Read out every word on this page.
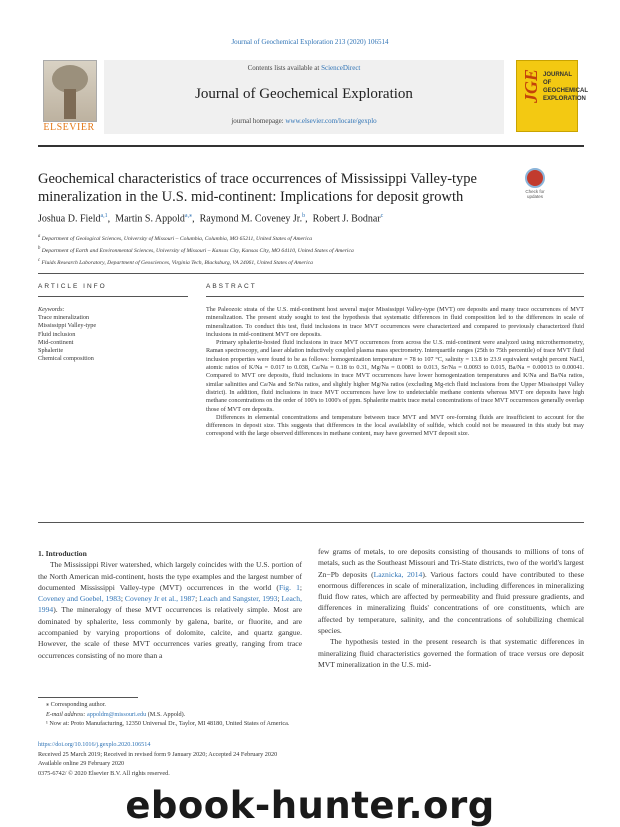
Journal of Geochemical Exploration 213 (2020) 106514
ELSEVIER
Contents lists available at ScienceDirect
Journal of Geochemical Exploration
journal homepage: www.elsevier.com/locate/gexplo
JGE JOURNAL OF GEOCHEMICAL EXPLORATION
Geochemical characteristics of trace occurrences of Mississippi Valley-type mineralization in the U.S. mid-continent: Implications for deposit growth	Check for updates
Joshua D. Field$^{a,1}$,  Martin S. Appold$^{a,⁎}$,  Raymond M. Coveney Jr.$^b$,  Robert J. Bodnar$^c$
$^a$ Department of Geological Sciences, University of Missouri – Columbia, Columbia, MO 65211, United States of America
$^b$ Department of Earth and Environmental Sciences, University of Missouri – Kansas City, Kansas City, MO 64110, United States of America
$^c$ Fluids Research Laboratory, Department of Geosciences, Virginia Tech, Blacksburg, VA 24061, United States of America
ARTICLE INFO	ABSTRACT
Keywords:
Trace mineralization
Mississippi Valley-type
Fluid inclusion
Mid-continent
Sphalerite
Chemical composition

The Paleozoic strata of the U.S. mid-continent host several major Mississippi Valley-type (MVT) ore deposits and many trace occurrences of MVT mineralization. The present study sought to test the hypothesis that systematic differences in fluid composition led to the differences in scale of mineralization. To conduct this test, fluid inclusions in trace MVT occurrences were characterized and compared to previously characterized fluid inclusions in mid-continent MVT ore deposits.

Primary sphalerite-hosted fluid inclusions in trace MVT occurrences from across the U.S. mid-continent were analyzed using microthermometry, Raman spectroscopy, and laser ablation inductively coupled plasma mass spectrometry. Interquartile ranges (25th to 75th percentile) of trace MVT fluid inclusion properties were found to be as follows: homogenization temperature = 78 to 107 °C, salinity = 13.8 to 23.9 equivalent weight percent NaCl, atomic ratios of K/Na = 0.017 to 0.038, Ca/Na = 0.18 to 0.31, Mg/Na = 0.0081 to 0.013, Sr/Na = 0.0093 to 0.015, Ba/Na = 0.00013 to 0.00041. Compared to MVT ore deposits, fluid inclusions in trace MVT occurrences have lower homogenization temperatures and K/Na and Ba/Na ratios, similar salinities and Ca/Na and Sr/Na ratios, and slightly higher Mg/Na ratios (excluding Mg-rich fluid inclusions from the Upper Mississippi Valley district). In addition, fluid inclusions in trace MVT occurrences have low to undetectable methane contents whereas MVT ore deposits have high methane concentrations on the order of 100's to 1000's of ppm. Sphalerite matrix trace metal concentrations of trace MVT occurrences generally overlap those of MVT ore deposits.

Differences in elemental concentrations and temperature between trace MVT and MVT ore-forming fluids are insufficient to account for the differences in deposit size. This suggests that differences in the local availability of sulfide, which could not be measured in this study but may correspond with the large observed differences in methane content, may have governed MVT deposit size.

1. Introduction

The Mississippi River watershed, which largely coincides with the U.S. portion of the North American mid-continent, hosts the type examples and the largest number of documented Mississippi Valley-type (MVT) occurrences in the world (Fig. 1; Coveney and Goebel, 1983; Coveney Jr et al., 1987; Leach and Sangster, 1993; Leach, 1994). The mineralogy of these MVT occurrences is relatively simple. Most are dominated by sphalerite, less commonly by galena, barite, or fluorite, and are accompanied by varying proportions of dolomite, calcite, and quartz gangue. However, the scale of these MVT occurrences varies greatly, ranging from trace occurrences consisting of no more than a

few grams of metals, to ore deposits consisting of thousands to millions of tons of metals, such as the Southeast Missouri and Tri-State districts, two of the world's largest Zn−Pb deposits (Laznicka, 2014). Various factors could have contributed to these enormous differences in scale of mineralization, including differences in mineralizing fluid flow rates, which are affected by permeability and fluid pressure gradients, and differences in mineralizing fluids' concentrations of ore constituents, which are affected by temperature, salinity, and the concentrations of solubilizing chemical species.

The hypothesis tested in the present research is that systematic differences in mineralizing fluid characteristics governed the formation of trace versus ore deposit MVT mineralization in the U.S. mid-

⁎ Corresponding author.
E-mail address: appoldm@missouri.edu (M.S. Appold).
¹ Now at: Proto Manufacturing, 12350 Universal Dr., Taylor, MI 48180, United States of America.
https://doi.org/10.1016/j.gexplo.2020.106514
Received 25 March 2019; Received in revised form 9 January 2020; Accepted 24 February 2020
Available online 29 February 2020
0375-6742/ © 2020 Elsevier B.V. All rights reserved.
ebook-hunter.org
